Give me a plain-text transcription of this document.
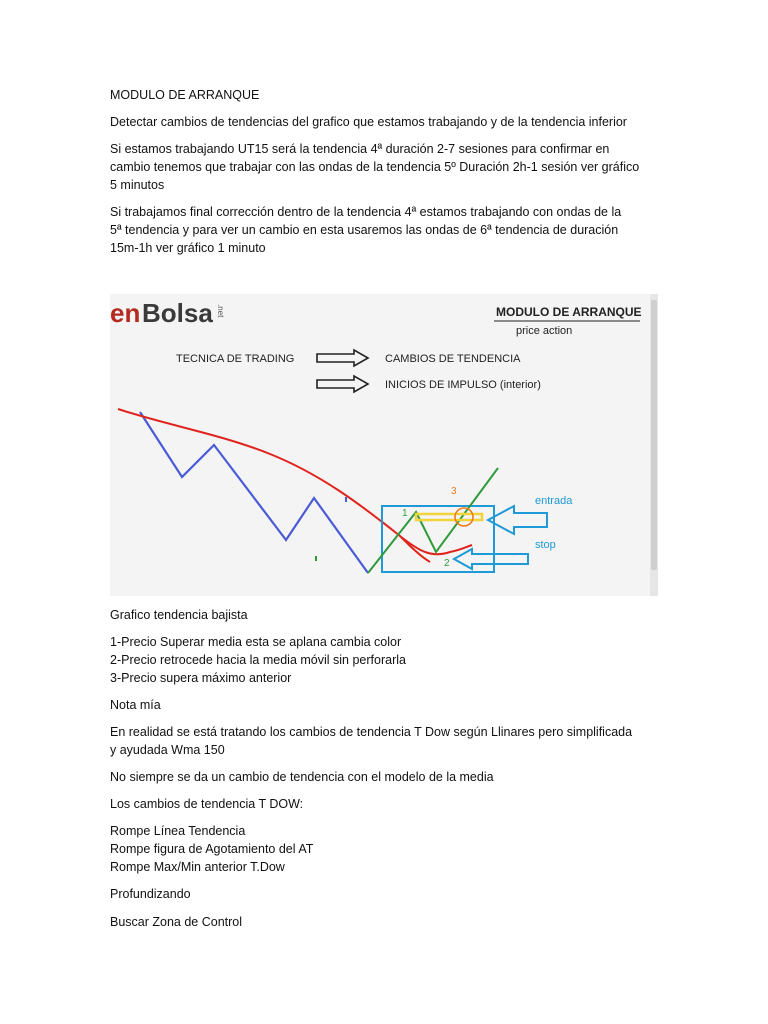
MODULO DE ARRANQUE
Detectar cambios de tendencias del grafico que estamos trabajando y de la tendencia inferior

Si estamos trabajando UT15 será la tendencia 4ª duración 2-7 sesiones para confirmar en

cambio tenemos que trabajar con las ondas de la tendencia 5º Duración 2h-1 sesión ver gráfico

5 minutos

Si trabajamos final corrección dentro de la tendencia 4ª estamos trabajando con ondas de la

5ª tendencia y para ver un cambio en esta usaremos las ondas de 6ª tendencia de duración

15m-1h ver gráfico 1 minuto

en Bolsa .net	MODULO DE ARRANQUE
price action
TECNICA DE TRADING	CAMBIOS DE TENDENCIA
INICIOS DE IMPULSO (interior)
1
2
3
entrada
stop
Grafico tendencia bajista

1-Precio Superar media esta se aplana cambia color

2-Precio retrocede hacia la media móvil sin perforarla

3-Precio supera máximo anterior

Nota mía

En realidad se está tratando los cambios de tendencia T Dow según Llinares pero simplificada

y ayudada Wma 150

No siempre se da un cambio de tendencia con el modelo de la media
Los cambios de tendencia T DOW:

Rompe Línea Tendencia

Rompe figura de Agotamiento del AT

Rompe Max/Min anterior T.Dow

Profundizando
Buscar Zona de Control
